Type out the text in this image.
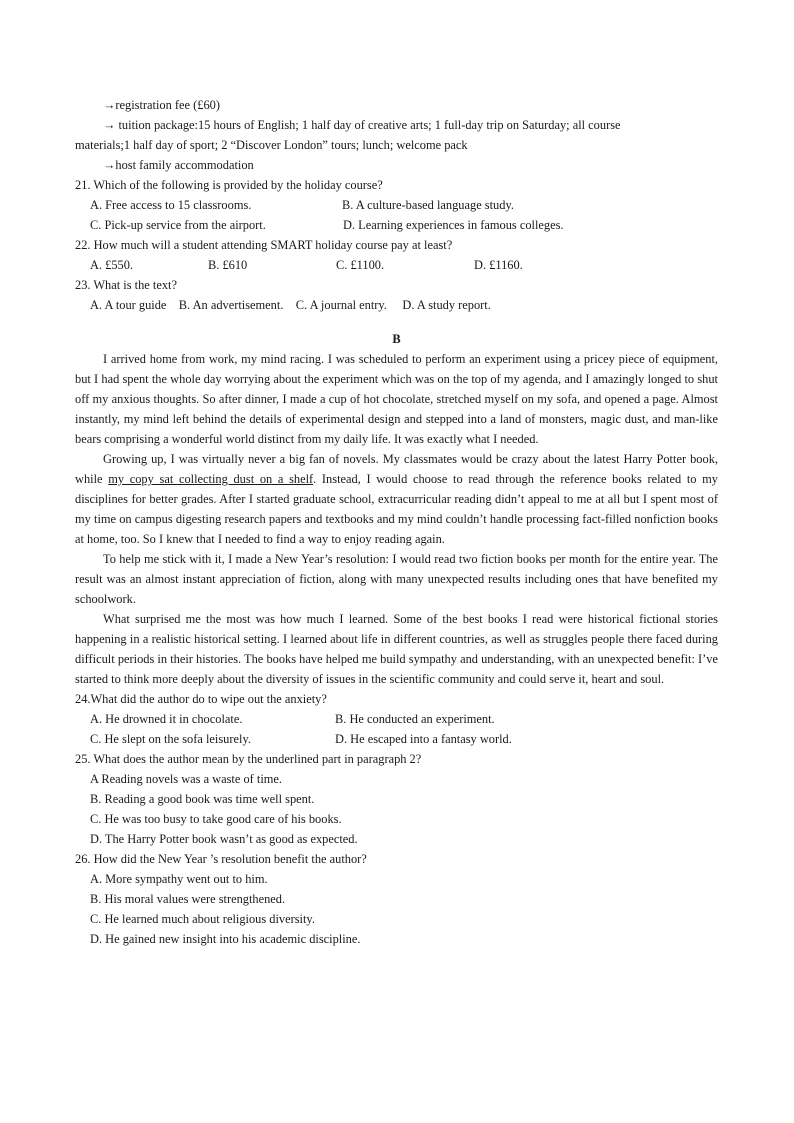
→registration fee (£60)
→ tuition package:15 hours of English; 1 half day of creative arts; 1 full-day trip on Saturday; all course
materials;1 half day of sport; 2 “Discover London” tours; lunch; welcome pack
→host family accommodation
21. Which of the following is provided by the holiday course?
A. Free access to 15 classrooms.	B. A culture-based language study.
C. Pick-up service from the airport.	D. Learning experiences in famous colleges.
22. How much will a student attending SMART holiday course pay at least?
A. £550.	B. £610	C. £1100.	D. £1160.
23. What is the text?
A. A tour guide    B. An advertisement.    C. A journal entry.     D. A study report.
B
I arrived home from work, my mind racing. I was scheduled to perform an experiment using a pricey piece of equipment, but I had spent the whole day worrying about the experiment which was on the top of my agenda, and I amazingly longed to shut off my anxious thoughts. So after dinner, I made a cup of hot chocolate, stretched myself on my sofa, and opened a page. Almost instantly, my mind left behind the details of experimental design and stepped into a land of monsters, magic dust, and man-like bears comprising a wonderful world distinct from my daily life. It was exactly what I needed.
Growing up, I was virtually never a big fan of novels. My classmates would be crazy about the latest Harry Potter book, while my copy sat collecting dust on a shelf. Instead, I would choose to read through the reference books related to my disciplines for better grades. After I started graduate school, extracurricular reading didn’t appeal to me at all but I spent most of my time on campus digesting research papers and textbooks and my mind couldn’t handle processing fact-filled nonfiction books at home, too. So I knew that I needed to find a way to enjoy reading again.
To help me stick with it, I made a New Year’s resolution: I would read two fiction books per month for the entire year. The result was an almost instant appreciation of fiction, along with many unexpected results including ones that have benefited my schoolwork.
What surprised me the most was how much I learned. Some of the best books I read were historical fictional stories happening in a realistic historical setting. I learned about life in different countries, as well as struggles people there faced during difficult periods in their histories. The books have helped me build sympathy and understanding, with an unexpected benefit: I’ve started to think more deeply about the diversity of issues in the scientific community and could serve it, heart and soul.
24.What did the author do to wipe out the anxiety?
A. He drowned it in chocolate.	B. He conducted an experiment.
C. He slept on the sofa leisurely.	D. He escaped into a fantasy world.
25. What does the author mean by the underlined part in paragraph 2?
A Reading novels was a waste of time.
B. Reading a good book was time well spent.
C. He was too busy to take good care of his books.
D. The Harry Potter book wasn’t as good as expected.
26. How did the New Year ’s resolution benefit the author?
A. More sympathy went out to him.
B. His moral values were strengthened.
C. He learned much about religious diversity.
D. He gained new insight into his academic discipline.
